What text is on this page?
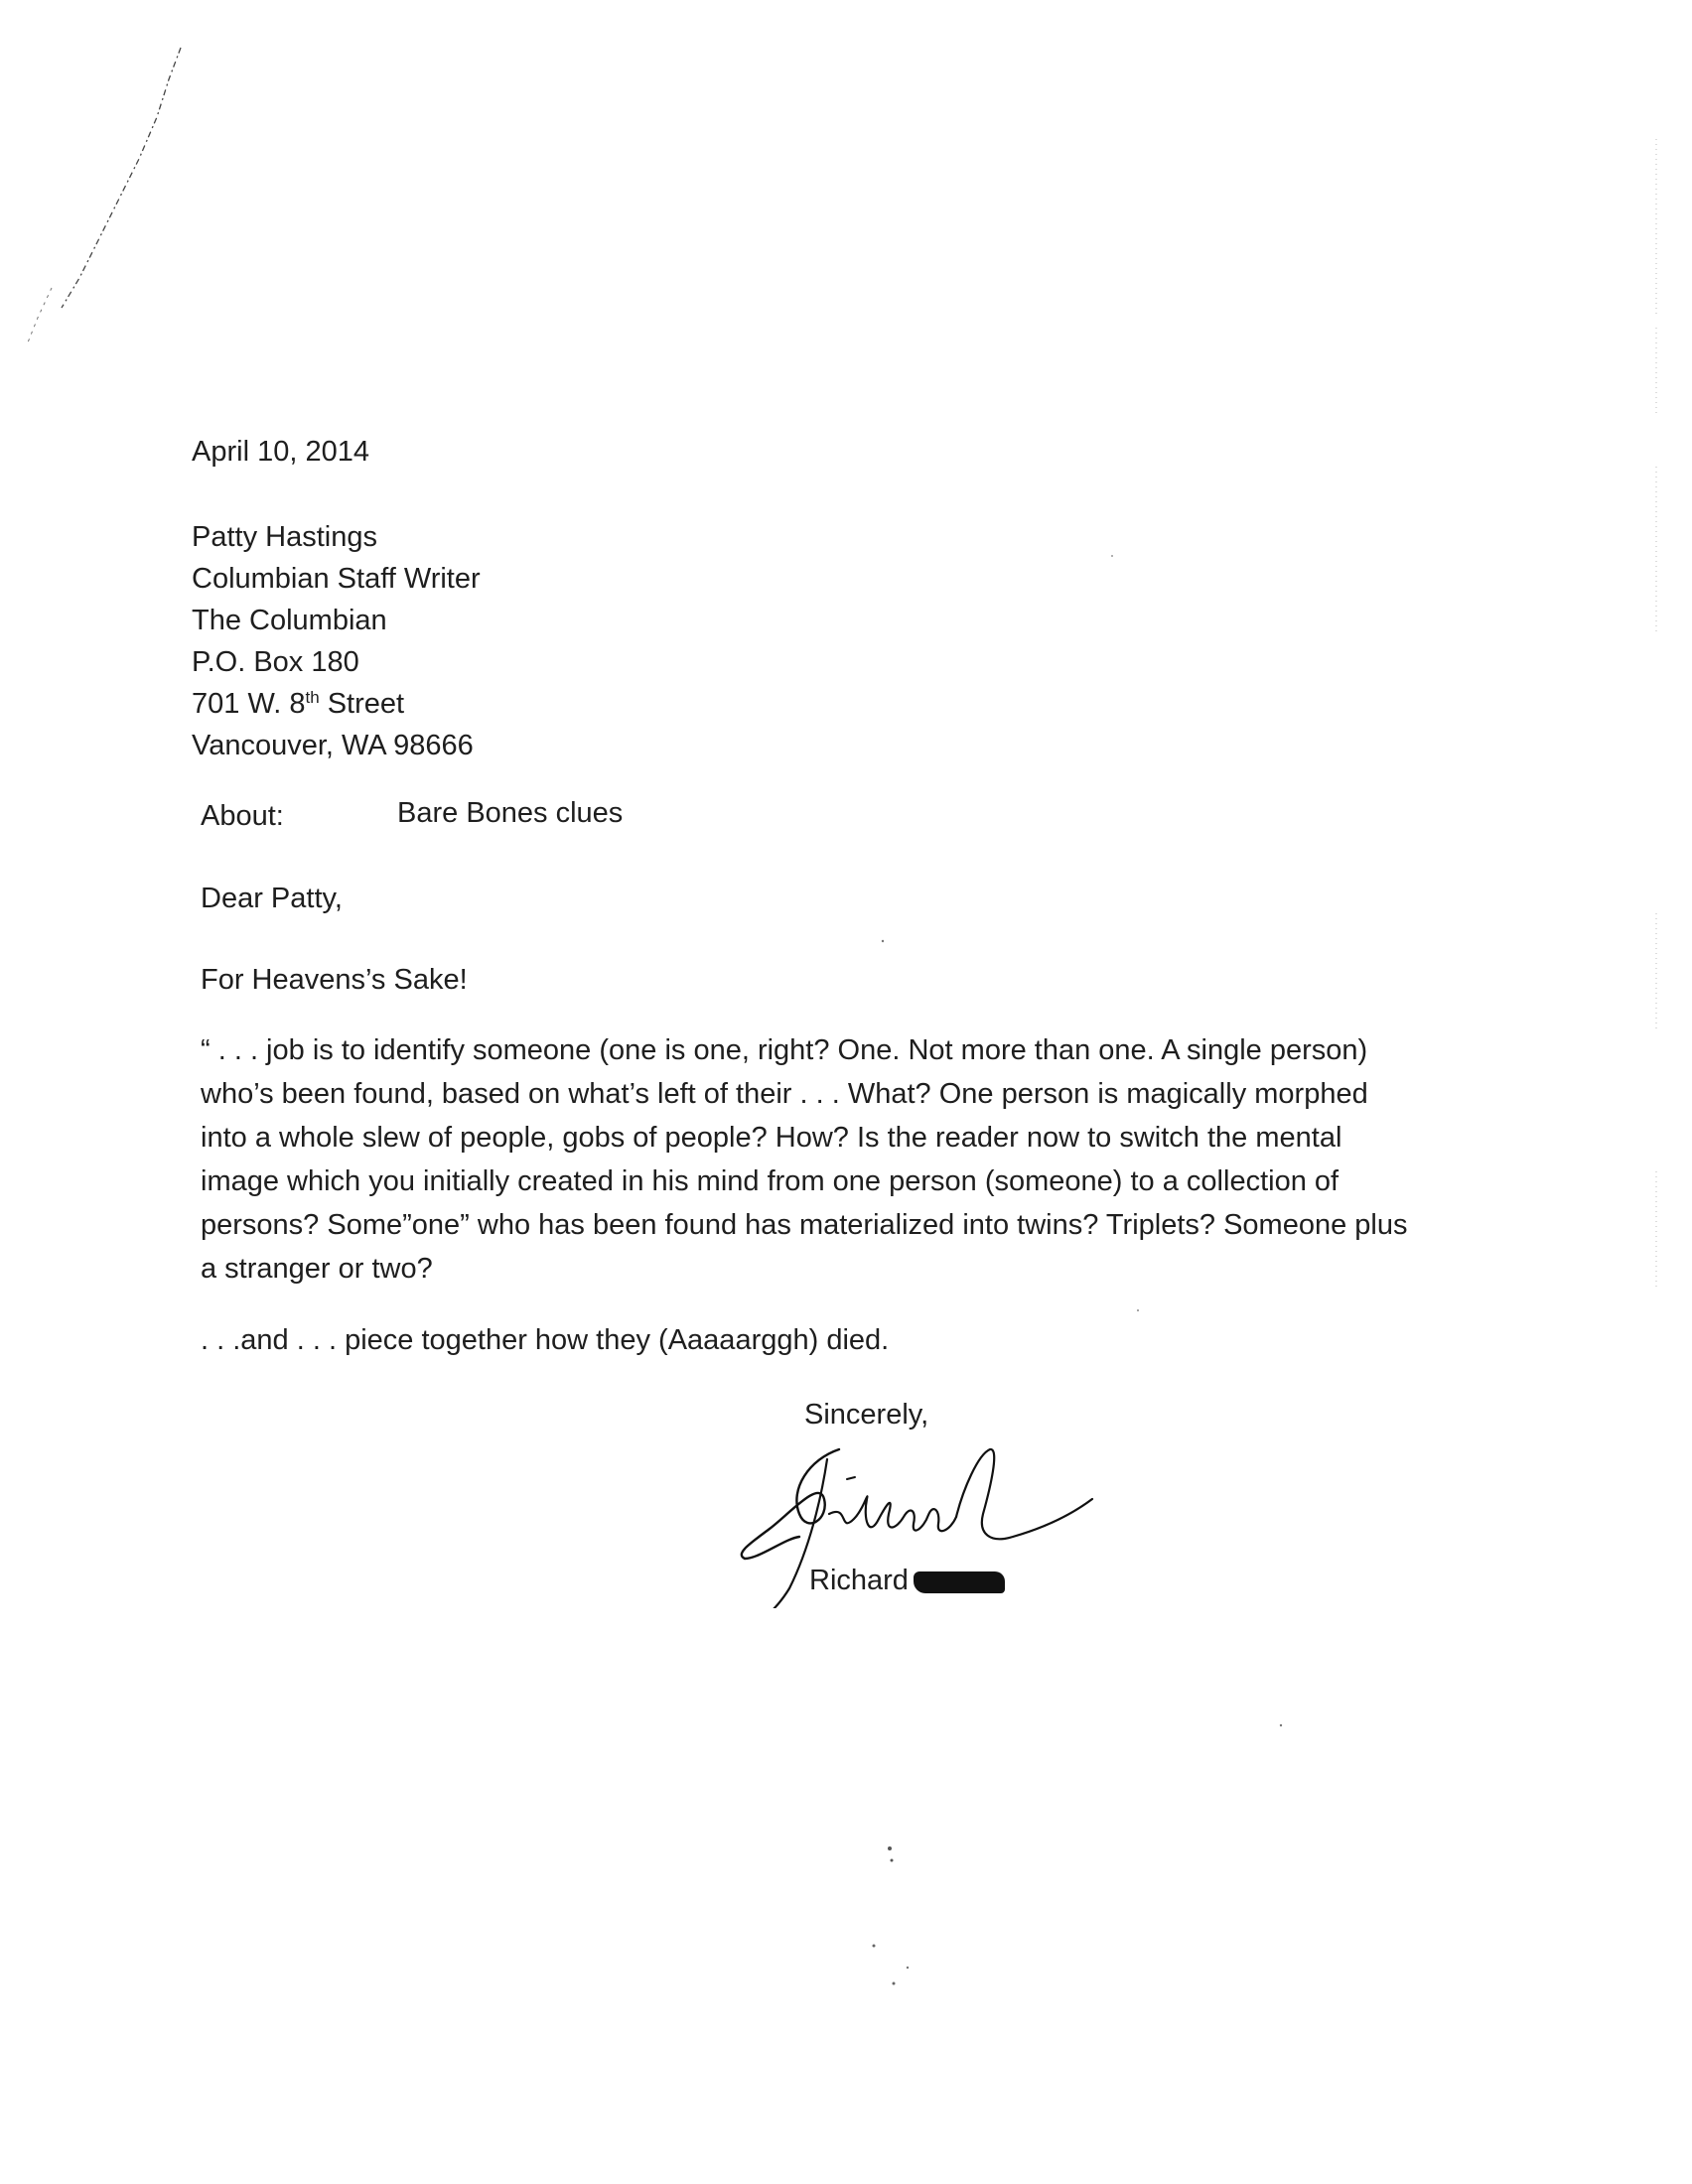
April 10, 2014

Patty Hastings
Columbian Staff Writer
The Columbian
P.O. Box 180
701 W. 8th Street
Vancouver, WA 98666

About:	Bare Bones clues

Dear Patty,

For Heavens’s Sake!

“ . . . job is to identify someone (one is one, right? One. Not more than one. A single person)
who’s been found, based on what’s left of their . . . What? One person is magically morphed
into a whole slew of people, gobs of people? How? Is the reader now to switch the mental
image which you initially created in his mind from one person (someone) to a collection of
persons? Some”one” who has been found has materialized into twins? Triplets? Someone plus
a stranger or two?

. . .and . . . piece together how they (Aaaaarggh) died.

Sincerely,

Richard
